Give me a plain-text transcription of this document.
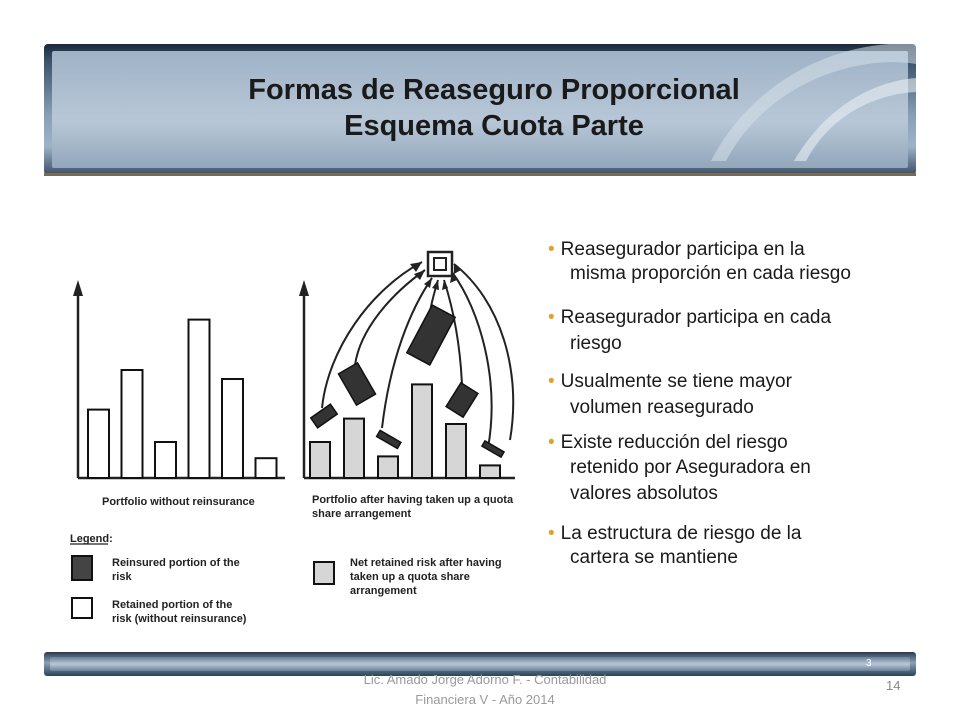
Formas de Reaseguro Proporcional
Esquema Cuota Parte
Portfolio without reinsurance	Portfolio after having taken up a quota
share arrangement
Legend:
Reinsured portion of the
risk
Retained portion of the
risk (without reinsurance)
Net retained risk after having
taken up a quota share
arrangement
• Reasegurador participa en la
misma proporción en cada riesgo
• Reasegurador participa en cada
riesgo
• Usualmente se tiene mayor
volumen reasegurado
• Existe reducción del riesgo
retenido por Aseguradora en
valores absolutos
• La estructura de riesgo de la
cartera se mantiene
3
Lic. Amado Jorge Adorno F. - Contabilidad
Financiera V - Año 2014
14
